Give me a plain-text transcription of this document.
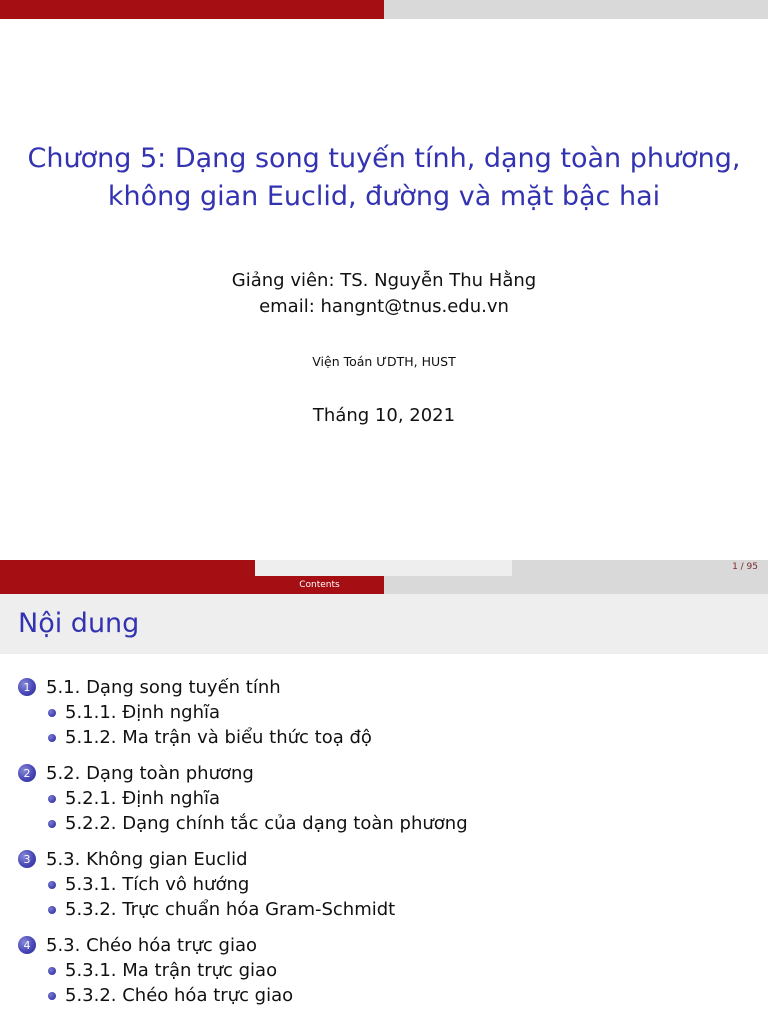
Chương 5: Dạng song tuyến tính, dạng toàn phương,
không gian Euclid, đường và mặt bậc hai
Giảng viên: TS. Nguyễn Thu Hằng
email: hangnt@tnus.edu.vn
Viện Toán ƯDTH, HUST
Tháng 10, 2021
1 / 95
Contents
Nội dung
1 5.1. Dạng song tuyến tính
5.1.1. Định nghĩa
5.1.2. Ma trận và biểu thức toạ độ
2 5.2. Dạng toàn phương
5.2.1. Định nghĩa
5.2.2. Dạng chính tắc của dạng toàn phương
3 5.3. Không gian Euclid
5.3.1. Tích vô hướng
5.3.2. Trực chuẩn hóa Gram-Schmidt
4 5.3. Chéo hóa trực giao
5.3.1. Ma trận trực giao
5.3.2. Chéo hóa trực giao
